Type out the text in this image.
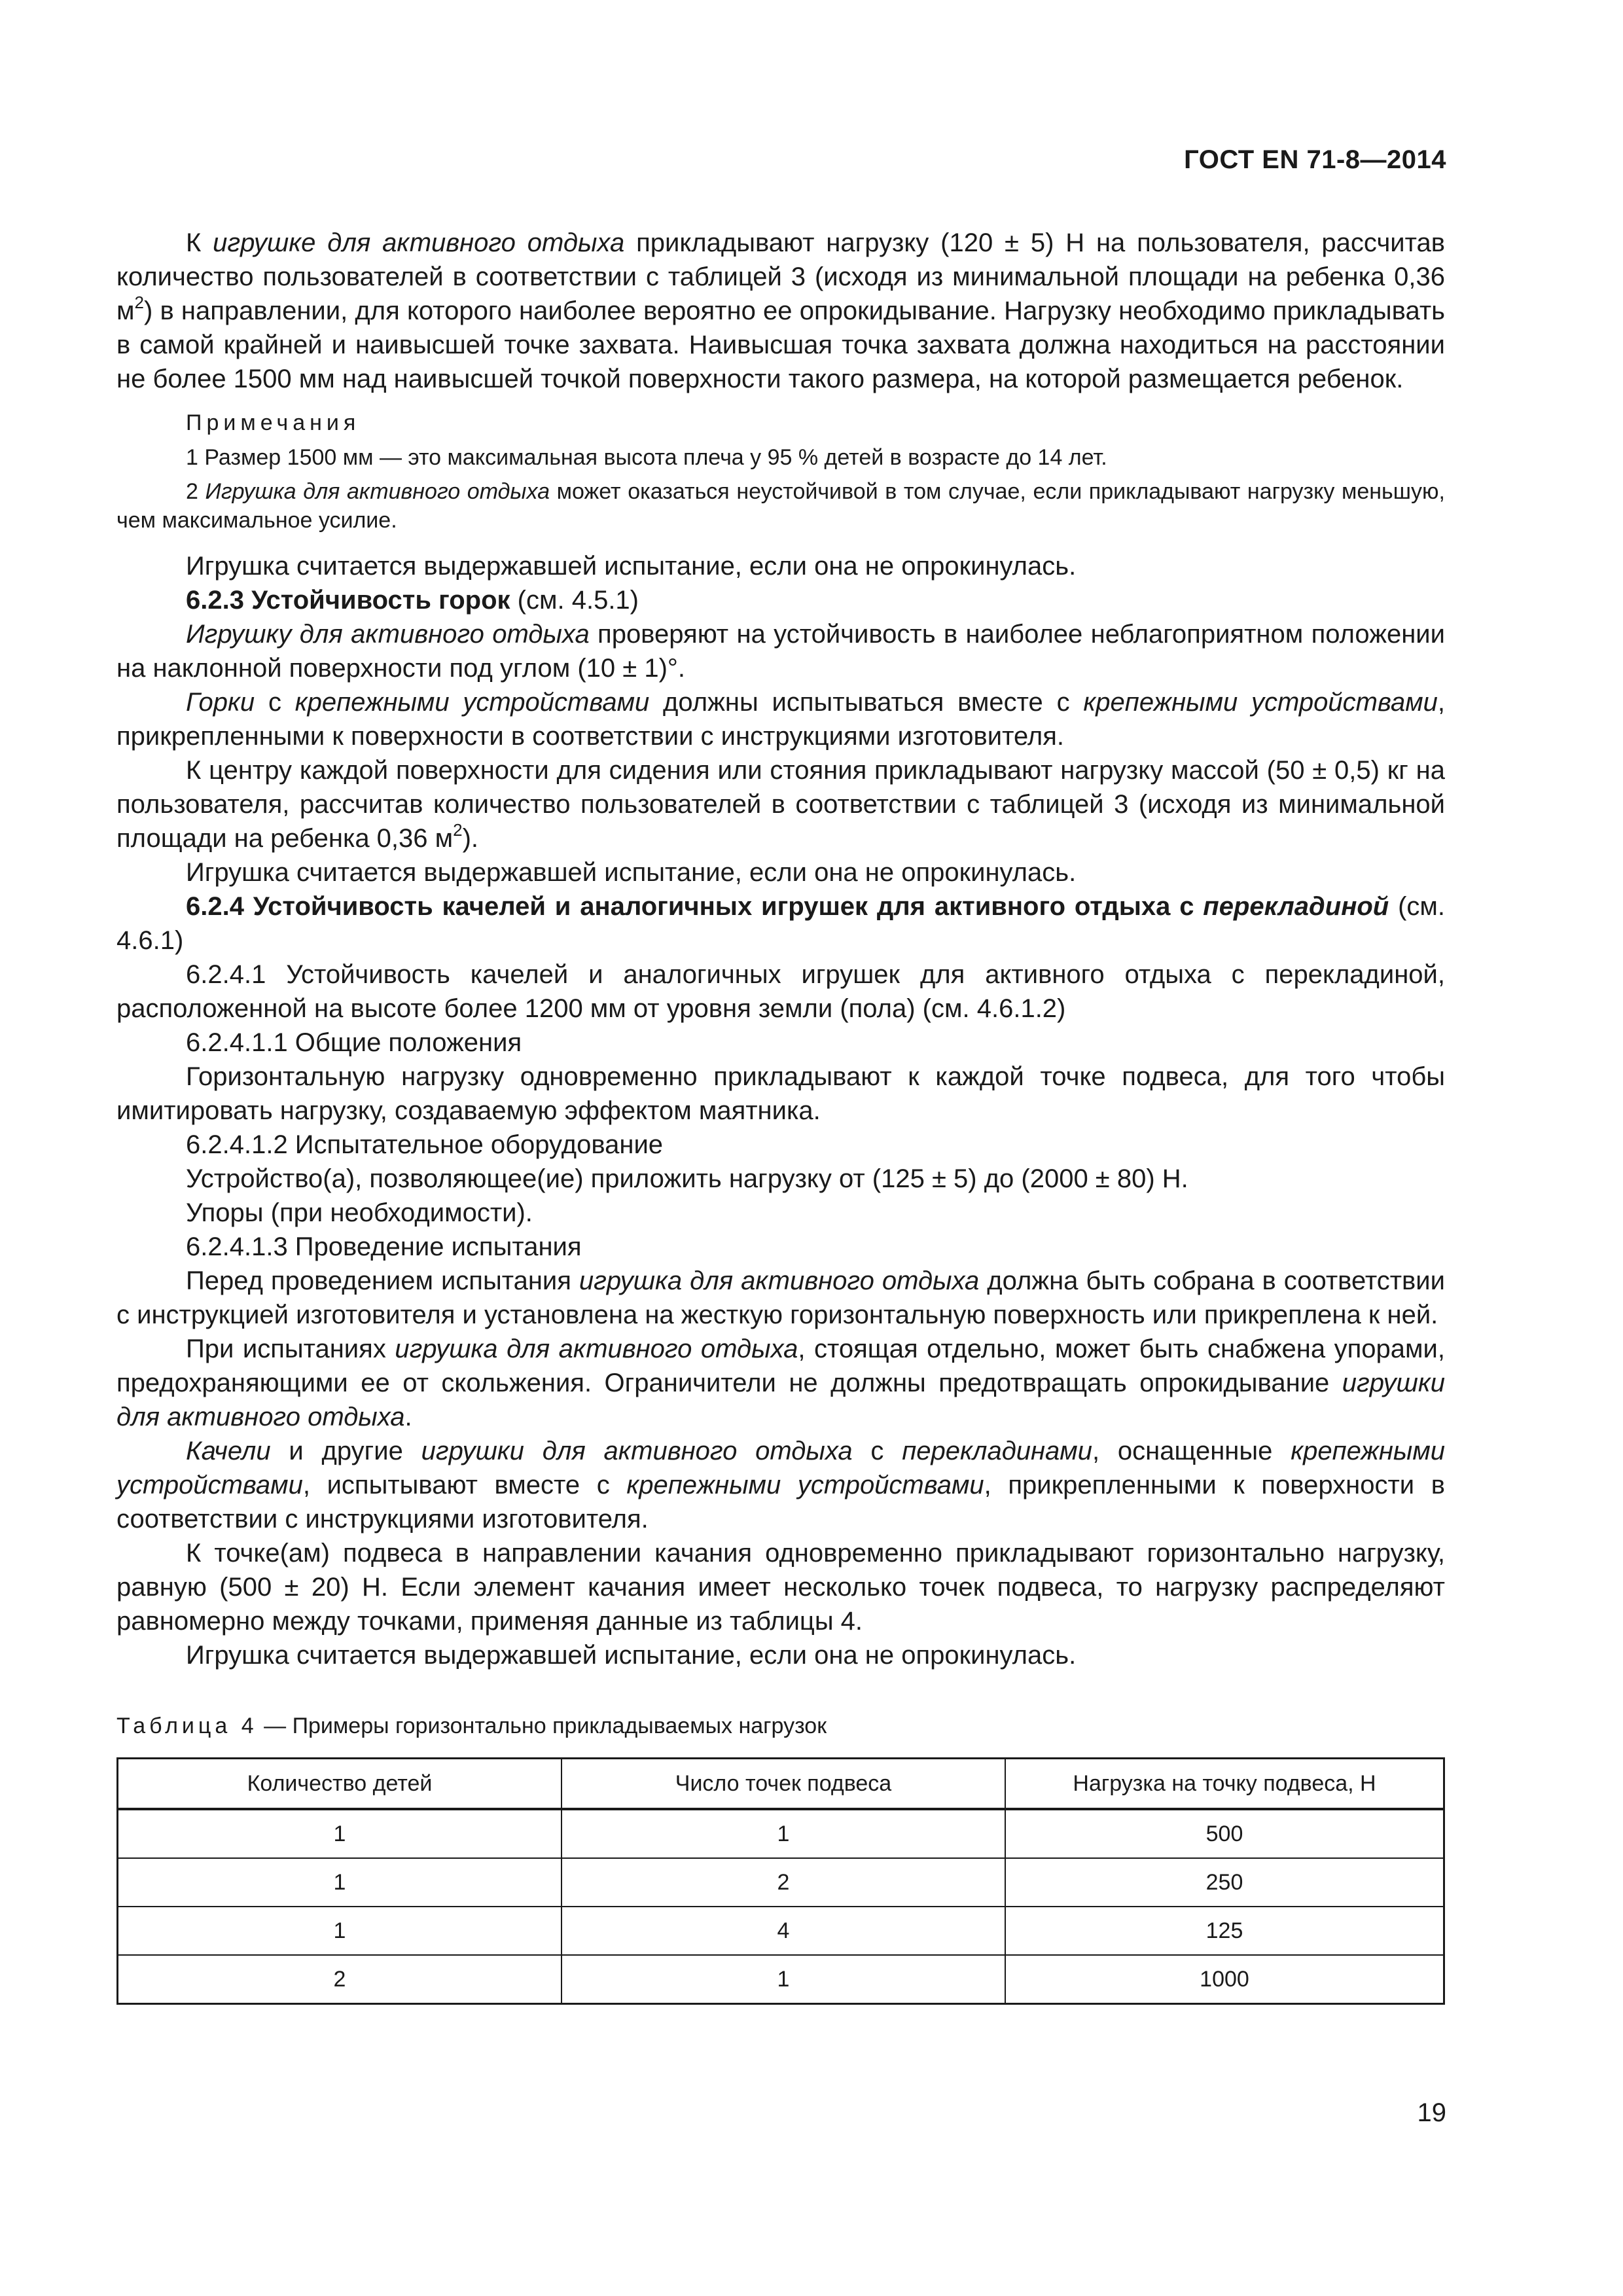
ГОСТ EN 71-8—2014

К игрушке для активного отдыха прикладывают нагрузку (120 ± 5) Н на пользователя, рассчитав количество пользователей в соответствии с таблицей 3 (исходя из минимальной площади на ребенка 0,36 $м^2$) в направлении, для которого наиболее вероятно ее опрокидывание. Нагрузку необходимо прикладывать в самой крайней и наивысшей точке захвата. Наивысшая точка захвата должна находиться на расстоянии не более 1500 мм над наивысшей точкой поверхности такого размера, на которой размещается ребенок.

Примечания
1 Размер 1500 мм — это максимальная высота плеча у 95 % детей в возрасте до 14 лет.
2 Игрушка для активного отдыха может оказаться неустойчивой в том случае, если прикладывают нагрузку меньшую, чем максимальное усилие.

Игрушка считается выдержавшей испытание, если она не опрокинулась.

6.2.3 Устойчивость горок (см. 4.5.1)

Игрушку для активного отдыха проверяют на устойчивость в наиболее неблагоприятном положении на наклонной поверхности под углом (10 ± 1)°.

Горки с крепежными устройствами должны испытываться вместе с крепежными устройствами, прикрепленными к поверхности в соответствии с инструкциями изготовителя.

К центру каждой поверхности для сидения или стояния прикладывают нагрузку массой (50 ± 0,5) кг на пользователя, рассчитав количество пользователей в соответствии с таблицей 3 (исходя из минимальной площади на ребенка 0,36 $м^2$).

Игрушка считается выдержавшей испытание, если она не опрокинулась.

6.2.4 Устойчивость качелей и аналогичных игрушек для активного отдыха с перекладиной (см. 4.6.1)

6.2.4.1 Устойчивость качелей и аналогичных игрушек для активного отдыха с перекладиной, расположенной на высоте более 1200 мм от уровня земли (пола) (см. 4.6.1.2)

6.2.4.1.1 Общие положения

Горизонтальную нагрузку одновременно прикладывают к каждой точке подвеса, для того чтобы имитировать нагрузку, создаваемую эффектом маятника.

6.2.4.1.2 Испытательное оборудование

Устройство(а), позволяющее(ие) приложить нагрузку от (125 ± 5) до (2000 ± 80) Н.

Упоры (при необходимости).

6.2.4.1.3 Проведение испытания

Перед проведением испытания игрушка для активного отдыха должна быть собрана в соответствии с инструкцией изготовителя и установлена на жесткую горизонтальную поверхность или прикреплена к ней.

При испытаниях игрушка для активного отдыха, стоящая отдельно, может быть снабжена упорами, предохраняющими ее от скольжения. Ограничители не должны предотвращать опрокидывание игрушки для активного отдыха.

Качели и другие игрушки для активного отдыха с перекладинами, оснащенные крепежными устройствами, испытывают вместе с крепежными устройствами, прикрепленными к поверхности в соответствии с инструкциями изготовителя.

К точке(ам) подвеса в направлении качания одновременно прикладывают горизонтально нагрузку, равную (500 ± 20) Н. Если элемент качания имеет несколько точек подвеса, то нагрузку распределяют равномерно между точками, применяя данные из таблицы 4.

Игрушка считается выдержавшей испытание, если она не опрокинулась.

Таблица 4 — Примеры горизонтально прикладываемых нагрузок
Количество детей	Число точек подвеса	Нагрузка на точку подвеса, Н
1	1	500
1	2	250
1	4	125
2	1	1000
19
